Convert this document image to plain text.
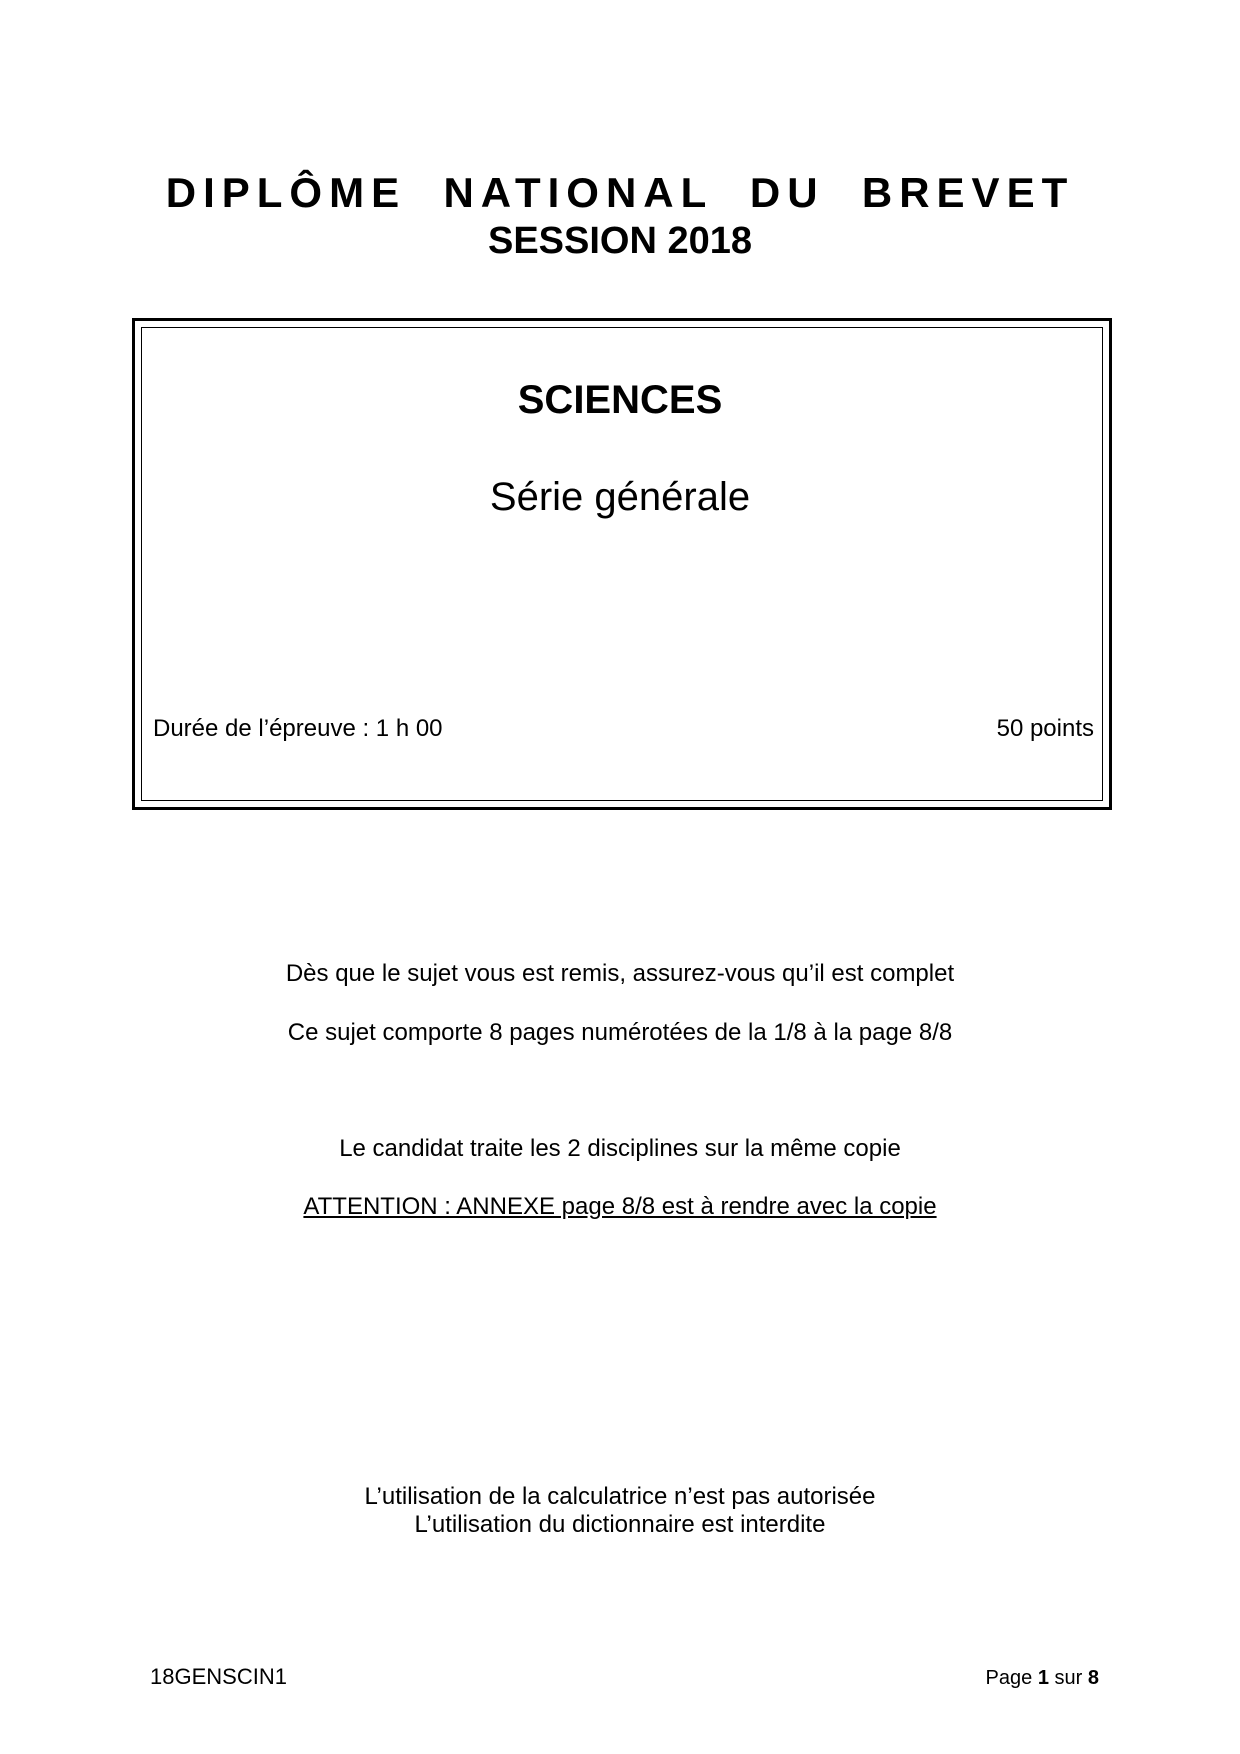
DIPLÔME  NATIONAL  DU  BREVET
SESSION 2018
SCIENCES
Série générale
Durée de l’épreuve : 1 h 00	50 points
Dès que le sujet vous est remis, assurez-vous qu’il est complet
Ce sujet comporte 8 pages numérotées de la 1/8 à la page 8/8
Le candidat traite les 2 disciplines sur la même copie
ATTENTION : ANNEXE page 8/8 est à rendre avec la copie
L’utilisation de la calculatrice n’est pas autorisée
L’utilisation du dictionnaire est interdite
18GENSCIN1	Page 1 sur 8
